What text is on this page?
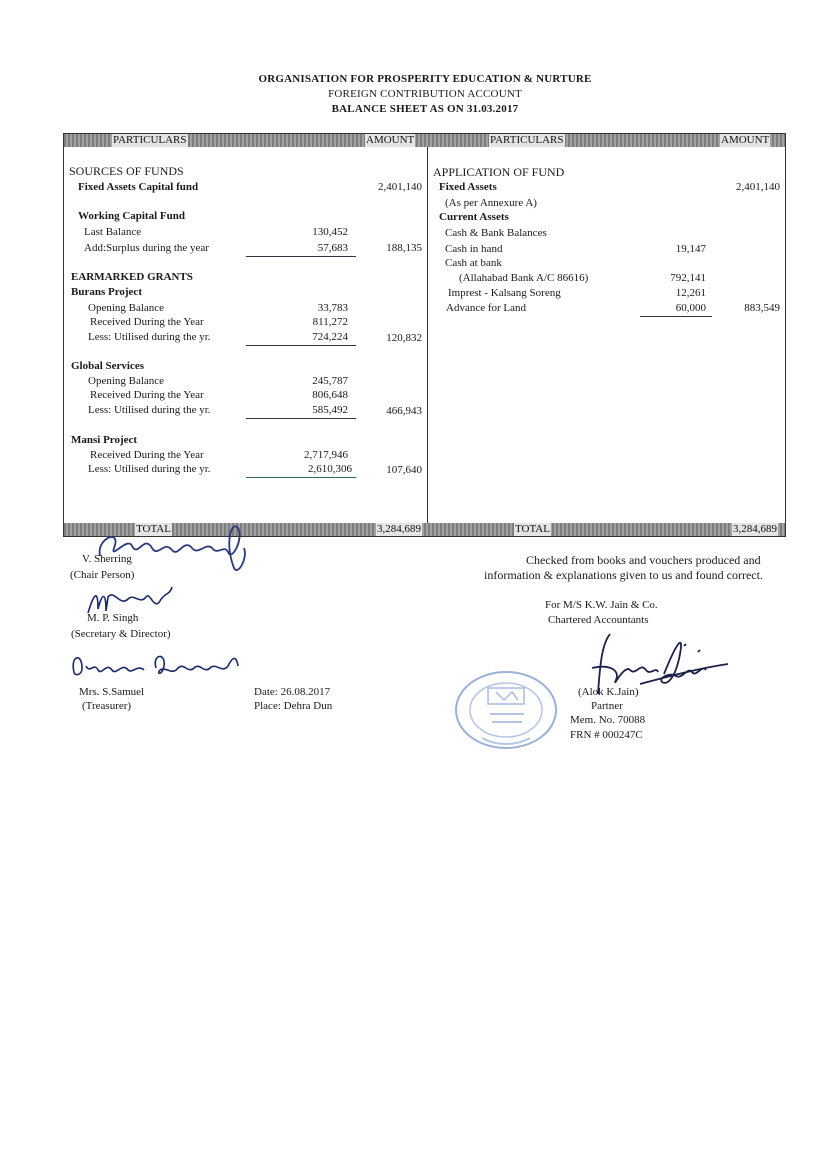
ORGANISATION FOR PROSPERITY EDUCATION & NURTURE
FOREIGN CONTRIBUTION ACCOUNT
BALANCE SHEET AS ON 31.03.2017
PARTICULARS	AMOUNT	PARTICULARS	AMOUNT
TOTAL	3,284,689	TOTAL	3,284,689
SOURCES OF FUNDS
Fixed Assets Capital fund	2,401,140
Working Capital Fund
Last Balance	130,452
Add:Surplus during the year	57,683	188,135
EARMARKED GRANTS
Burans Project
Opening Balance	33,783
Received During the Year	811,272
Less: Utilised during the yr.	724,224	120,832
Global Services
Opening Balance	245,787
Received During the Year	806,648
Less: Utilised during the yr.	585,492	466,943
Mansi Project
Received During the Year	2,717,946
Less: Utilised during the yr.	2,610,306	107,640
APPLICATION OF FUND
Fixed Assets	2,401,140
(As per Annexure A)
Current Assets
Cash & Bank Balances
Cash in hand	19,147
Cash at bank
(Allahabad Bank A/C 86616)	792,141
Imprest - Kalsang Soreng	12,261
Advance for Land	60,000	883,549
V. Sherring
(Chair Person)
M. P. Singh
(Secretary & Director)
Mrs. S.Samuel
(Treasurer)
Date: 26.08.2017
Place: Dehra Dun
Checked from books and vouchers produced and
information & explanations given to us and found correct.
For M/S K.W. Jain & Co.
Chartered Accountants
(Alok K.Jain)
Partner
Mem. No. 70088
FRN # 000247C
